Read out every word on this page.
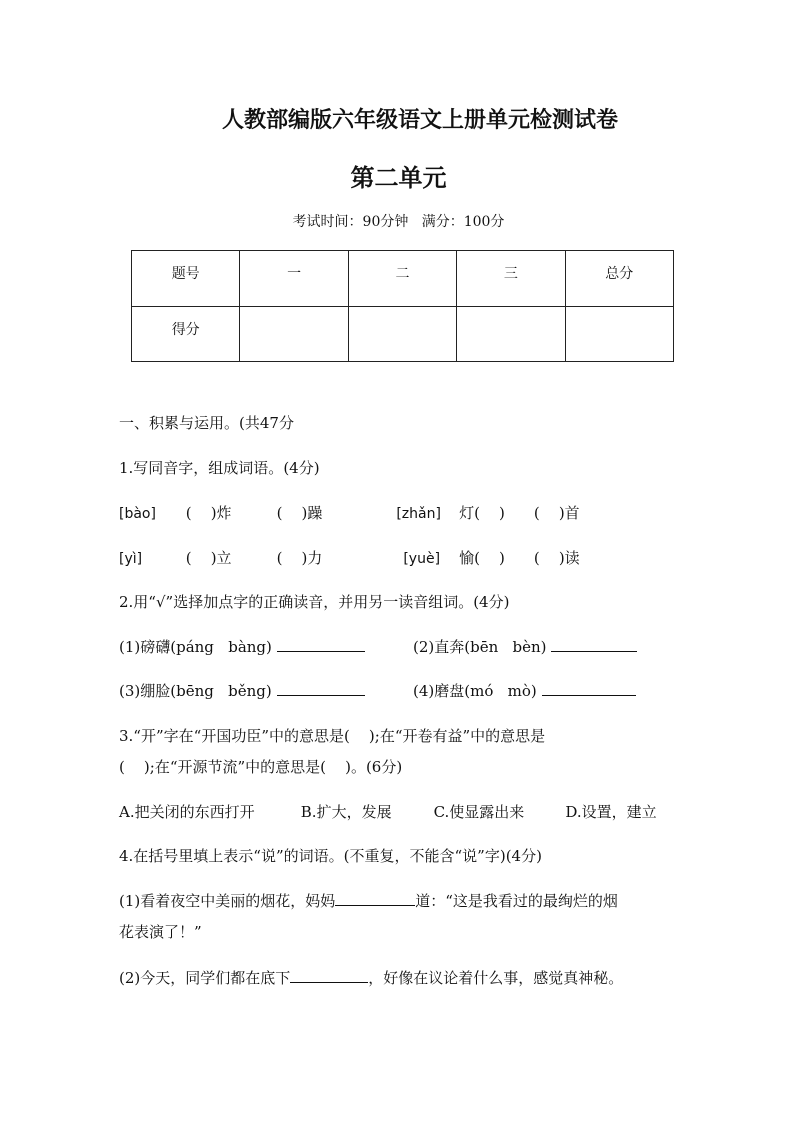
人教部编版六年级语文上册单元检测试卷
第二单元
考试时间：90分钟   满分：100分
题号	一	二	三	总分
得分				
一、积累与运用。(共47分
1.写同音字，组成词语。(4分)
[bào] (    )炸	(    )躁	[zhǎn] 灯(    ) (    )首
[yì]	(    )立	(    )力	[yuè] 愉(    ) (    )读
2.用“√”选择加点字的正确读音，并用另一读音组词。(4分)
(1)磅礴(páng   bàng)	(2)直奔(bēn   bèn)
(3)绷脸(bēng   běng)	(4)磨盘(mó   mò)
3.“开”字在“开国功臣”中的意思是(    );在“开卷有益”中的意思是
(    );在“开源节流”中的意思是(    )。(6分)
A.把关闭的东西打开	B.扩大，发展	C.使显露出来	D.设置，建立
4.在括号里填上表示“说”的词语。(不重复，不能含“说”字)(4分)
(1)看着夜空中美丽的烟花，妈妈	道：“这是我看过的最绚烂的烟
花表演了！”
(2)今天，同学们都在底下	，好像在议论着什么事，感觉真神秘。
